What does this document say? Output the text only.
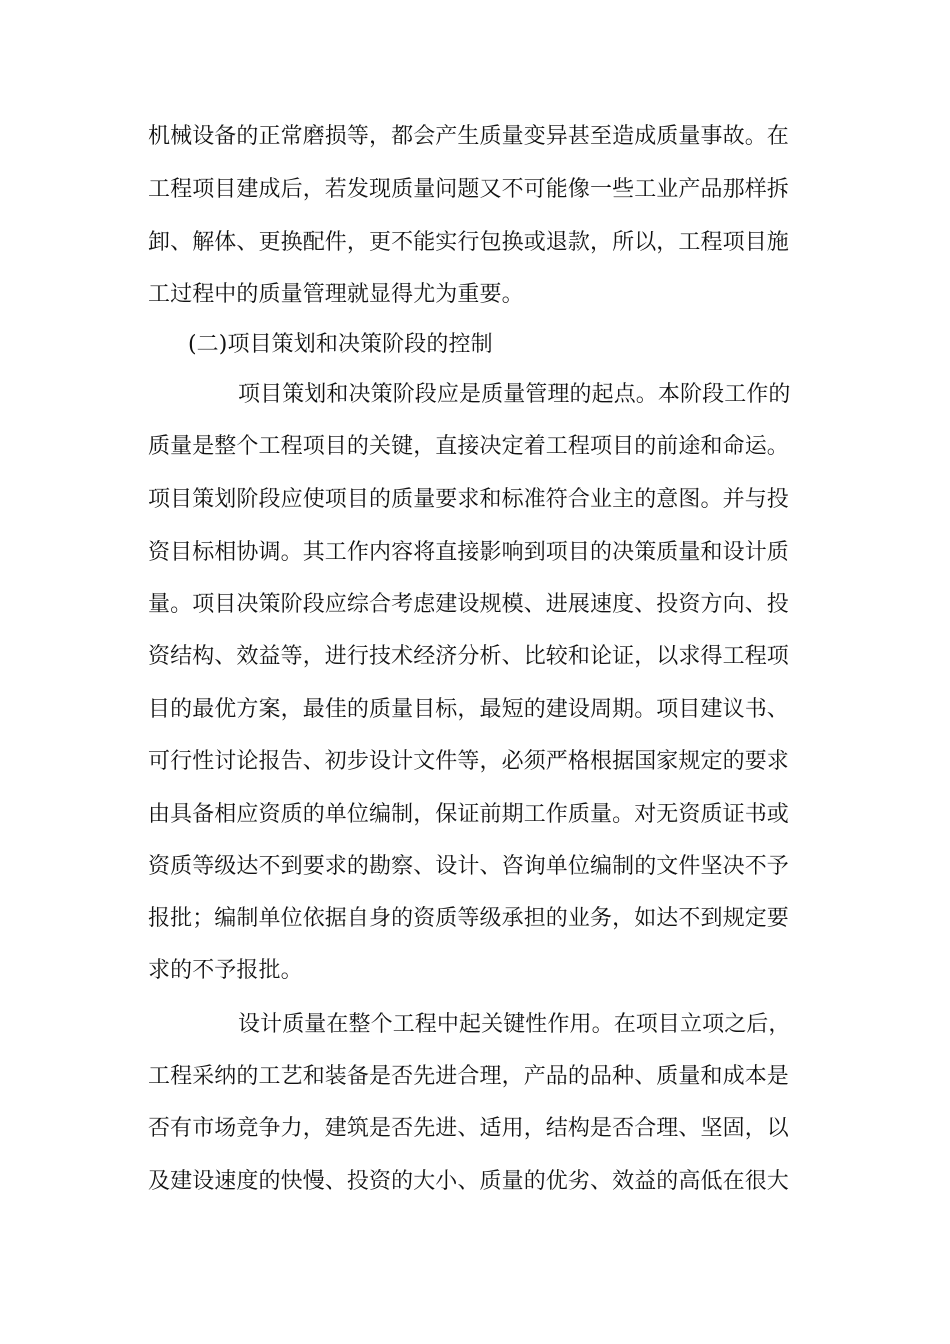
机械设备的正常磨损等，都会产生质量变异甚至造成质量事故。在
工程项目建成后，若发现质量问题又不可能像一些工业产品那样拆
卸、解体、更换配件，更不能实行包换或退款，所以，工程项目施
工过程中的质量管理就显得尤为重要。
(二)项目策划和决策阶段的控制
项目策划和决策阶段应是质量管理的起点。本阶段工作的
质量是整个工程项目的关键，直接决定着工程项目的前途和命运。
项目策划阶段应使项目的质量要求和标准符合业主的意图。并与投
资目标相协调。其工作内容将直接影响到项目的决策质量和设计质
量。项目决策阶段应综合考虑建设规模、进展速度、投资方向、投
资结构、效益等，进行技术经济分析、比较和论证，以求得工程项
目的最优方案，最佳的质量目标，最短的建设周期。项目建议书、
可行性讨论报告、初步设计文件等，必须严格根据国家规定的要求
由具备相应资质的单位编制，保证前期工作质量。对无资质证书或
资质等级达不到要求的勘察、设计、咨询单位编制的文件坚决不予
报批；编制单位依据自身的资质等级承担的业务，如达不到规定要
求的不予报批。
设计质量在整个工程中起关键性作用。在项目立项之后，
工程采纳的工艺和装备是否先进合理，产品的品种、质量和成本是
否有市场竞争力，建筑是否先进、适用，结构是否合理、坚固，以
及建设速度的快慢、投资的大小、质量的优劣、效益的高低在很大
